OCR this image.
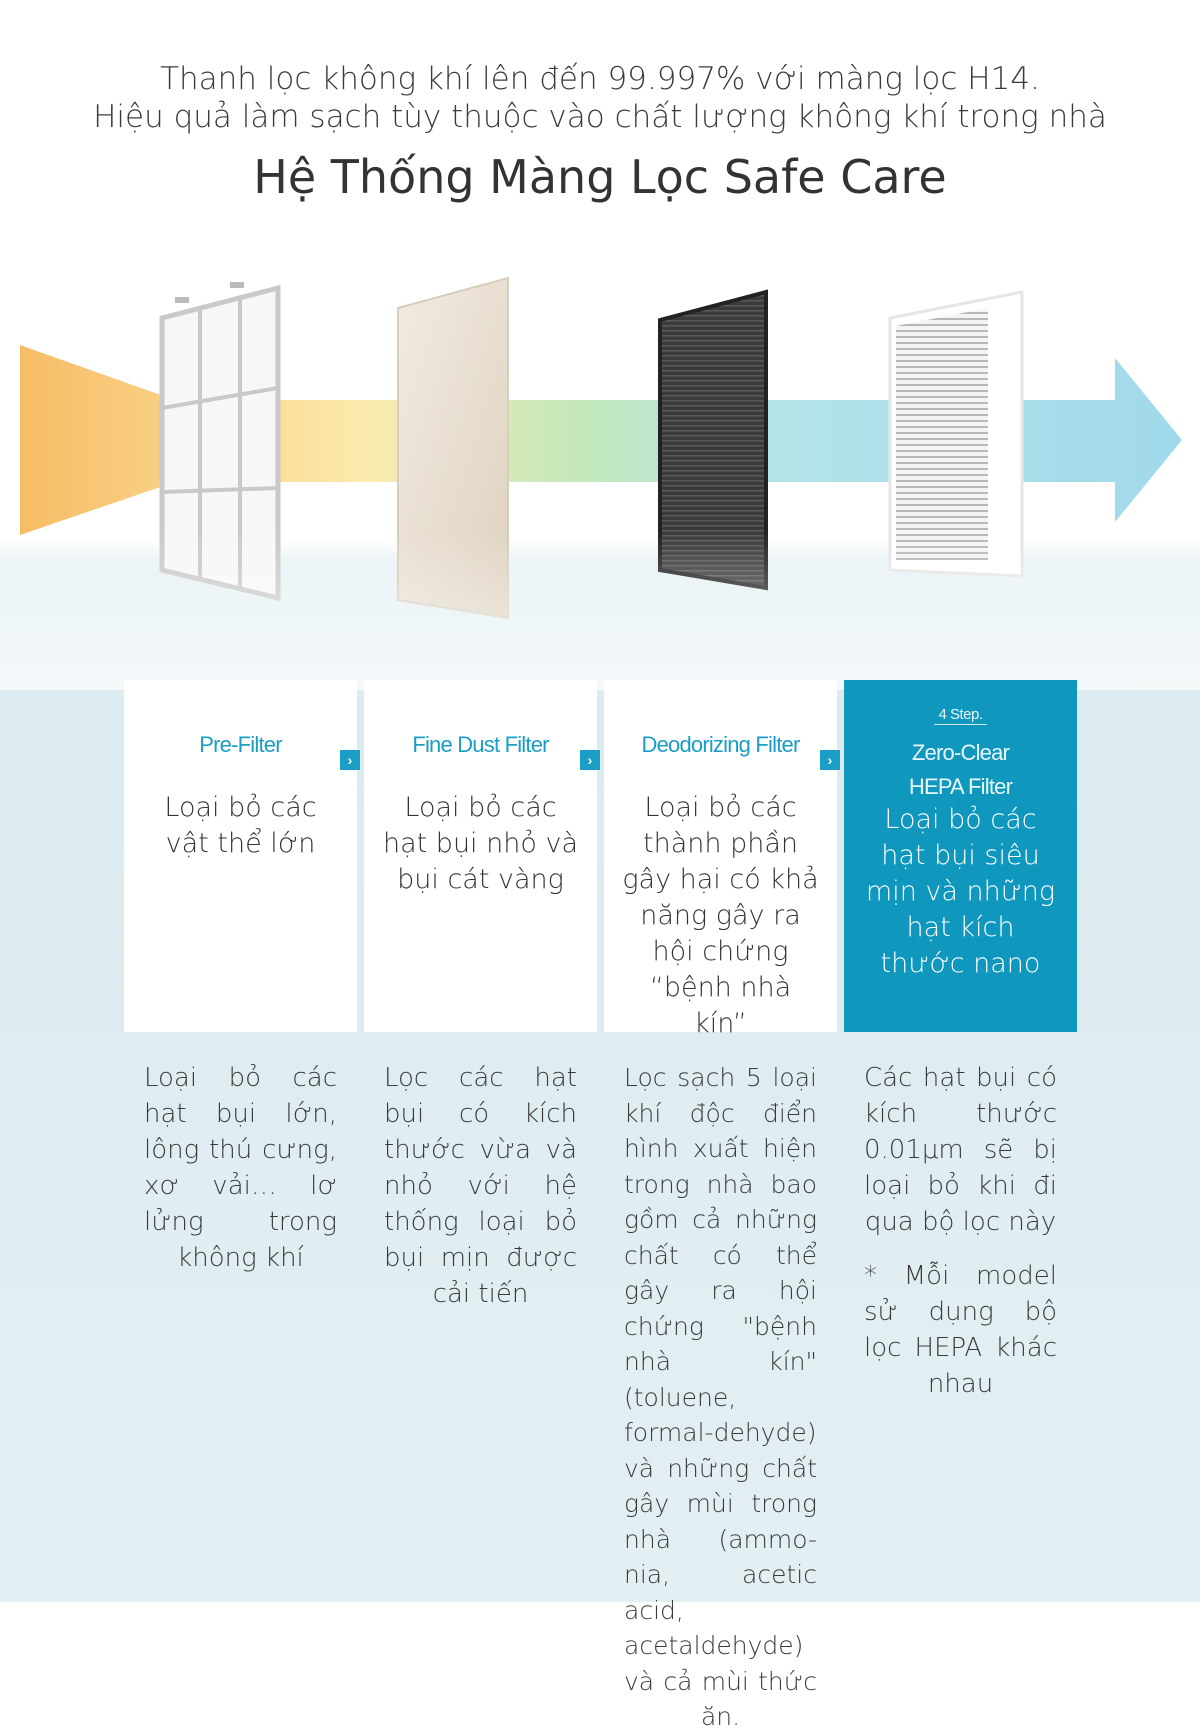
Thanh lọc không khí lên đến 99.997% với màng lọc H14.
Hiệu quả làm sạch tùy thuộc vào chất lượng không khí trong nhà
Hệ Thống Màng Lọc Safe Care
Pre-Filter
›
Loại bỏ các vật thể lớn
Fine Dust Filter
›
Loại bỏ các hạt bụi nhỏ và bụi cát vàng
Deodorizing Filter
›
Loại bỏ các thành phần gây hại có khả năng gây ra hội chứng “bệnh nhà kín”
4 Step.
Zero-Clear
HEPA Filter
Loại bỏ các hạt bụi siêu mịn và những hạt kích thước nano
Loại bỏ các hạt bụi lớn, lông thú cưng, xơ vải… lơ lửng trong không khí
Lọc các hạt bụi có kích thước vừa và nhỏ với hệ thống loại bỏ bụi mịn được cải tiến
Lọc sạch 5 loại khí độc điển hình xuất hiện trong nhà bao gồm cả những chất có thể gây ra hội chứng "bệnh nhà kín" (toluene, formal-dehyde) và những chất gây mùi trong nhà (ammo-nia, acetic acid, acetaldehyde) và cả mùi thức ăn.
Các hạt bụi có kích thước 0.01μm sẽ bị loại bỏ khi đi qua bộ lọc này
* Mỗi model sử dụng bộ lọc HEPA khác nhau
